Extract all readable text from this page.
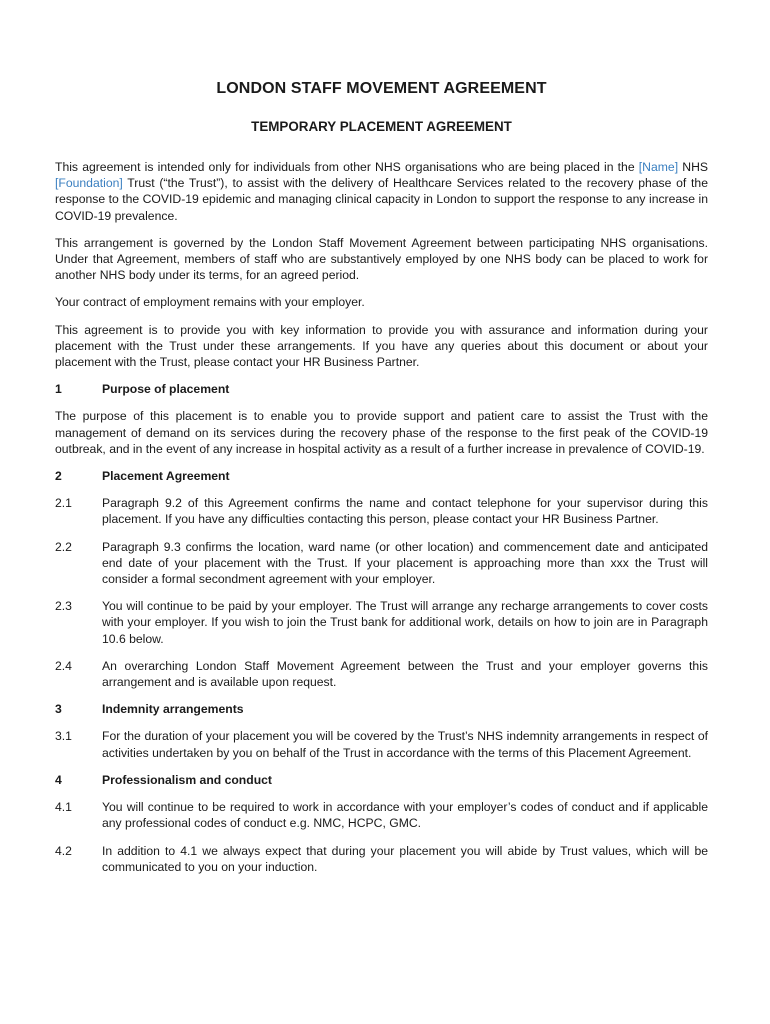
LONDON STAFF MOVEMENT AGREEMENT
TEMPORARY PLACEMENT AGREEMENT

This agreement is intended only for individuals from other NHS organisations who are being placed in the [Name] NHS [Foundation] Trust (“the Trust”), to assist with the delivery of Healthcare Services related to the recovery phase of the response to the COVID-19 epidemic and managing clinical capacity in London to support the response to any increase in COVID-19 prevalence.

This arrangement is governed by the London Staff Movement Agreement between participating NHS organisations. Under that Agreement, members of staff who are substantively employed by one NHS body can be placed to work for another NHS body under its terms, for an agreed period.

Your contract of employment remains with your employer.

This agreement is to provide you with key information to provide you with assurance and information during your placement with the Trust under these arrangements. If you have any queries about this document or about your placement with the Trust, please contact your HR Business Partner.

1	Purpose of placement

The purpose of this placement is to enable you to provide support and patient care to assist the Trust with the management of demand on its services during the recovery phase of the response to the first peak of the COVID-19 outbreak, and in the event of any increase in hospital activity as a result of a further increase in prevalence of COVID-19.

2	Placement Agreement
2.1	Paragraph 9.2 of this Agreement confirms the name and contact telephone for your supervisor during this placement. If you have any difficulties contacting this person, please contact your HR Business Partner.
2.2	Paragraph 9.3 confirms the location, ward name (or other location) and commencement date and anticipated end date of your placement with the Trust. If your placement is approaching more than xxx the Trust will consider a formal secondment agreement with your employer.
2.3	You will continue to be paid by your employer. The Trust will arrange any recharge arrangements to cover costs with your employer. If you wish to join the Trust bank for additional work, details on how to join are in Paragraph 10.6 below.
2.4	An overarching London Staff Movement Agreement between the Trust and your employer governs this arrangement and is available upon request.
3	Indemnity arrangements
3.1	For the duration of your placement you will be covered by the Trust’s NHS indemnity arrangements in respect of activities undertaken by you on behalf of the Trust in accordance with the terms of this Placement Agreement.
4	Professionalism and conduct
4.1	You will continue to be required to work in accordance with your employer’s codes of conduct and if applicable any professional codes of conduct e.g. NMC, HCPC, GMC.
4.2	In addition to 4.1 we always expect that during your placement you will abide by Trust values, which will be communicated to you on your induction.
